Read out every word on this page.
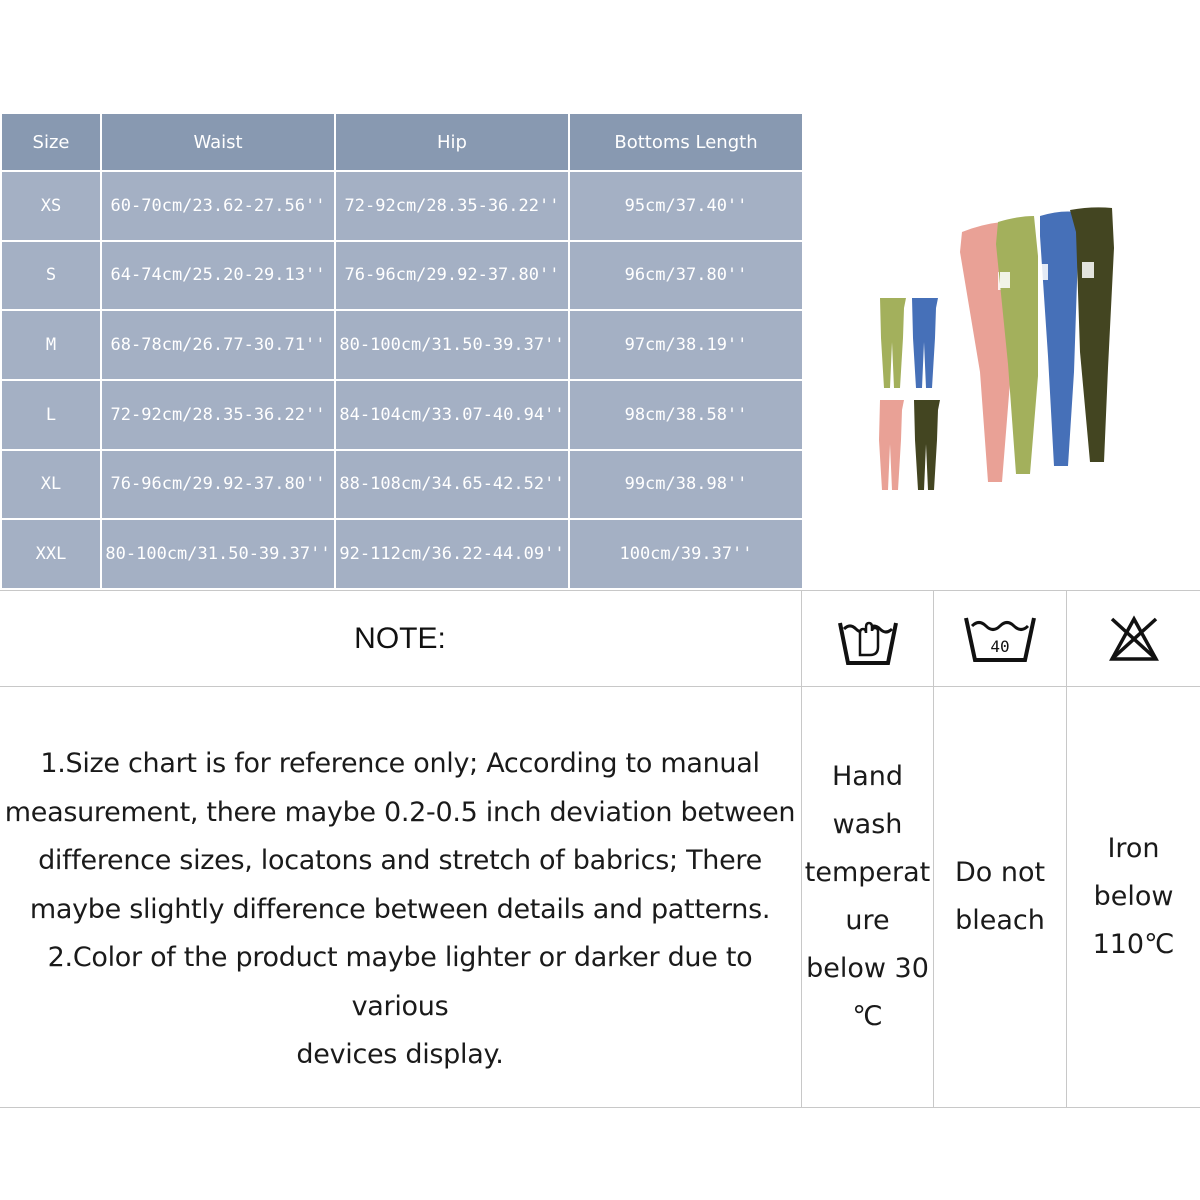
Size	Waist	Hip	Bottoms Length
XS	60-70cm/23.62-27.56''	72-92cm/28.35-36.22''	95cm/37.40''
S	64-74cm/25.20-29.13''	76-96cm/29.92-37.80''	96cm/37.80''
M	68-78cm/26.77-30.71''	80-100cm/31.50-39.37''	97cm/38.19''
L	72-92cm/28.35-36.22''	84-104cm/33.07-40.94''	98cm/38.58''
XL	76-96cm/29.92-37.80''	88-108cm/34.65-42.52''	99cm/38.98''
XXL	80-100cm/31.50-39.37''	92-112cm/36.22-44.09''	100cm/39.37''
NOTE:	40
1.Size chart is for reference only; According to manual
measurement, there maybe 0.2-0.5 inch deviation between
difference sizes, locatons and stretch of babrics; There
maybe slightly difference between details and patterns.
2.Color of the product maybe lighter or darker due to various
devices display.
Hand
wash
temperat
ure
below 30
℃
Do not
bleach
Iron
below
110℃
